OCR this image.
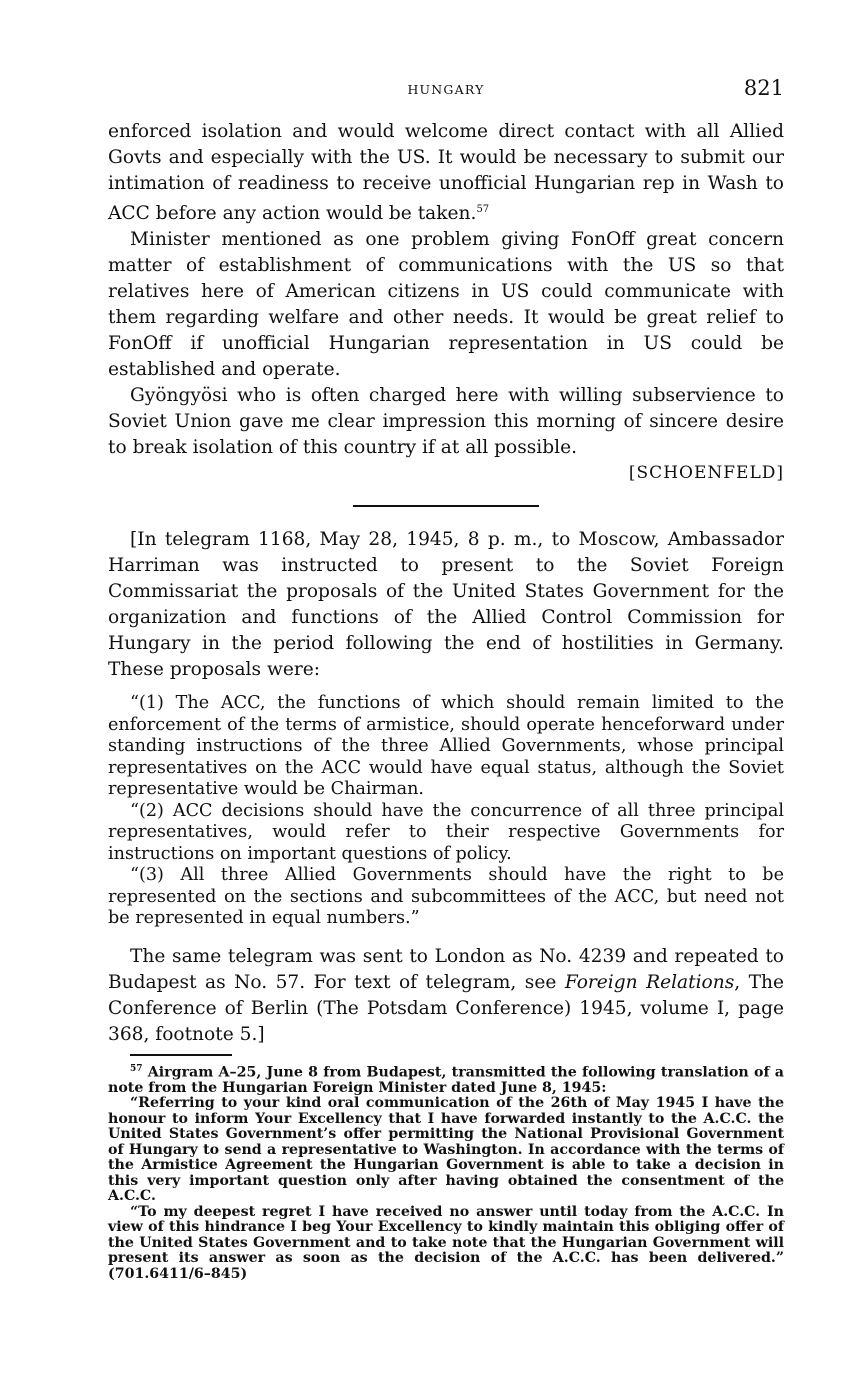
HUNGARY	821

enforced isolation and would welcome direct contact with all Allied Govts and especially with the US. It would be necessary to submit our intimation of readiness to receive unofficial Hungarian rep in Wash to ACC before any action would be taken.$^{57}$

Minister mentioned as one problem giving FonOff great concern matter of establishment of communications with the US so that relatives here of American citizens in US could communicate with them regarding welfare and other needs. It would be great relief to FonOff if unofficial Hungarian representation in US could be established and operate.

Gyöngyösi who is often charged here with willing subservience to Soviet Union gave me clear impression this morning of sincere desire to break isolation of this country if at all possible.

[SCHOENFELD]

[In telegram 1168, May 28, 1945, 8 p. m., to Moscow, Ambassador Harriman was instructed to present to the Soviet Foreign Commissariat the proposals of the United States Government for the organization and functions of the Allied Control Commission for Hungary in the period following the end of hostilities in Germany. These proposals were:

“(1) The ACC, the functions of which should remain limited to the enforcement of the terms of armistice, should operate henceforward under standing instructions of the three Allied Governments, whose principal representatives on the ACC would have equal status, although the Soviet representative would be Chairman.

“(2) ACC decisions should have the concurrence of all three principal representatives, would refer to their respective Governments for instructions on important questions of policy.

“(3) All three Allied Governments should have the right to be represented on the sections and subcommittees of the ACC, but need not be represented in equal numbers.”

The same telegram was sent to London as No. 4239 and repeated to Budapest as No. 57. For text of telegram, see Foreign Relations, The Conference of Berlin (The Potsdam Conference) 1945, volume I, page 368, footnote 5.]

$^{57}$ Airgram A–25, June 8 from Budapest, transmitted the following translation of a note from the Hungarian Foreign Minister dated June 8, 1945:

“Referring to your kind oral communication of the 26th of May 1945 I have the honour to inform Your Excellency that I have forwarded instantly to the A.C.C. the United States Government’s offer permitting the National Provisional Government of Hungary to send a representative to Washington. In accordance with the terms of the Armistice Agreement the Hungarian Government is able to take a decision in this very important question only after having obtained the consentment of the A.C.C.

“To my deepest regret I have received no answer until today from the A.C.C. In view of this hindrance I beg Your Excellency to kindly maintain this obliging offer of the United States Government and to take note that the Hungarian Government will present its answer as soon as the decision of the A.C.C. has been delivered.” (701.6411/6–845)
